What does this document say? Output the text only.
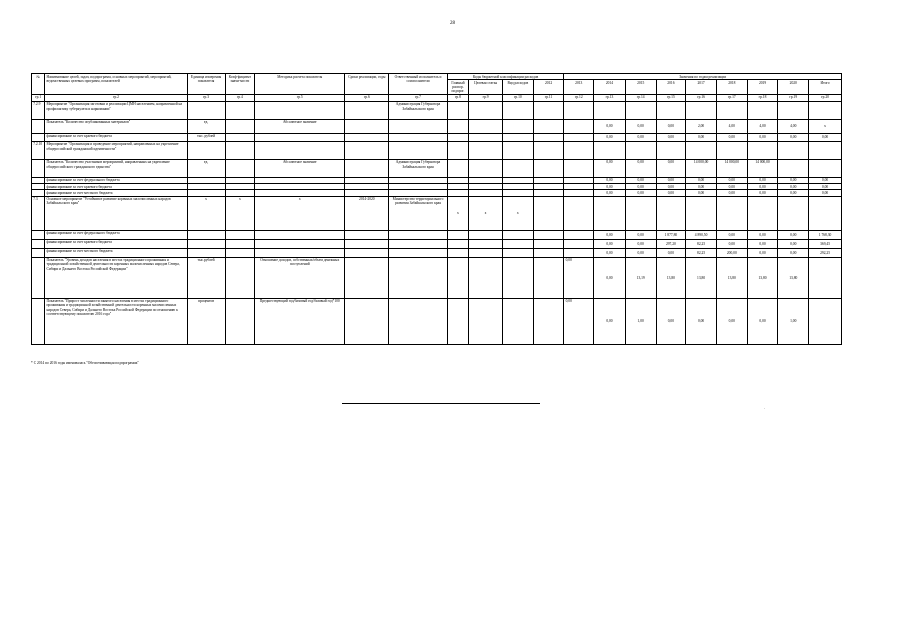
28
№	Наименование целей, задач, подпрограмм, основных мероприятий, мероприятий, ведомственных целевых программ, показателей	Единица измерения показателя	Коэф-фициент значи-мости	Методика расчета показателя	Сроки реализации, годы	Ответственный исполнитель и соисполнители	Коды бюджетной классификации расходов				Значения по годам реализации								
							Главный распор. подпрог.	Целевая статья	Вид расходов	2012	2013	2014	2015	2016	2017	2018	2019	2020	Итого
гр.1	гр.2	гр.3	гр.4	гр.5	гр.6	гр.7	гр.8	гр.9	гр.10	гр.11	гр.12	гр.13	гр.14	гр.15	гр.16	гр.17	гр.18	гр.19	гр.20
7.2.9	Мероприятие "Организация заготовки и реализации ЦМН населением, направленной на профилактику туберкулеза и наркомании"					Администрация Губернатора Забайкальского края													
	Показатель "Количество опубликованных материалов"	ед.		Абсолютное значение								0,00	0,00	0,00	2,00	4,00	4,00	4,00	х
	финансирование за счет краевого бюджета	тыс. рублей										0,00	0,00	0,00	0,00	0,00	0,00	0,00	0,00
7.2.10	Мероприятие "Организация и проведение мероприятий, направленных на укрепление общероссийской гражданской идентичности"																		
	Показатель "Количество участников мероприятий, направленных на укрепление общероссийского гражданского единства"	ед.		Абсолютное значение		Администрация Губернатора Забайкальского края						0,00	0,00	0,00	14 000,00	14 000,00	14 000,00		
	финансирование за счет федерального бюджета											0,00	0,00	0,00	0,00	0,00	0,00	0,00	0,00
	финансирование за счет краевого бюджета											0,00	0,00	0,00	0,00	0,00	0,00	0,00	0,00
	финансирование за счет местного бюджета											0,00	0,00	0,00	0,00	0,00	0,00	0,00	0,00
7.3	Основное мероприятие "Устойчивое развитие коренных малочисленных народов Забайкальского края"	х	х	х	2014-2020	Министерство территориального развития Забайкальского края	х	х	х										
	финансирование за счет федерального бюджета											0,00	0,00	1 877,80	4 890,50	0,00	0,00	0,00	1 768,30
	финансирование за счет краевого бюджета											0,00	0,00	297,20	82,25	0,00	0,00	0,00	369,45
	финансирование за счет местного бюджета											0,00	0,00	0,00	82,25	200,00	0,00	0,00	292,25
	Показатель "Уровень доходов населения в местах традиционного проживания и традиционной хозяйственной деятельности коренных малочисленных народов Севера, Сибири и Дальнего Востока Российской Федерации"	тыс.рублей		Отношение доходов, собственных/объем денежных поступлений							0,00	0,00	13,19	13,80	13,80	13,80	13,80	13,80	
	Показатель "Прирост численности занятого населения в местах традиционного проживания и традиционной хозяйственной деятельности коренных малочисленных народов Севера, Сибири и Дальнего Востока Российской Федерации по отношению к соответствующему показателю 2016 года"	процентов		Предшествующий год/базовый год/базовый год*100							0,00	0,00	1,00	0,00	0,00	0,00	0,00	1,00	
* С 2014 по 2016 годы именовалась "Обеспечивающая подпрограмма"
·
